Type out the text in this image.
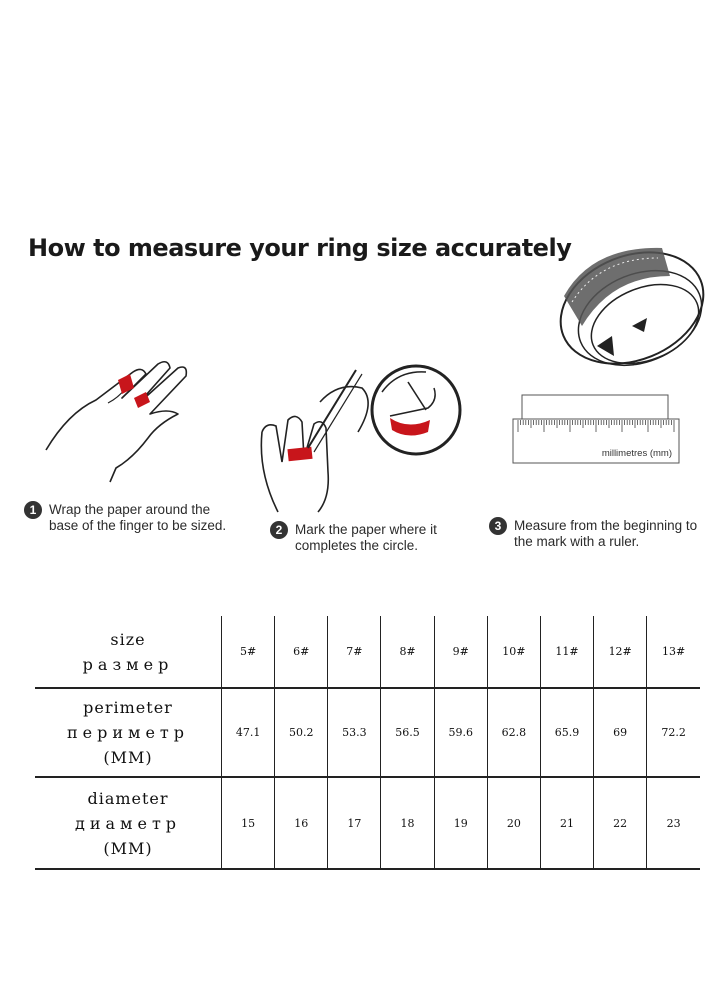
How to measure your ring size accurately
millimetres (mm)
1 Wrap the paper around the
base of the finger to be sized.	2 Mark the paper where it
completes the circle.
3 Measure from the beginning to
the mark with a ruler.
size
размер	5#	6#	7#	8#	9#	10#	11#	12#	13#

perimeter
периметр
(MM)	47.1	50.2	53.3	56.5	59.6	62.8	65.9	69	72.2

diameter
диаметр
(MM)	15	16	17	18	19	20	21	22	23
